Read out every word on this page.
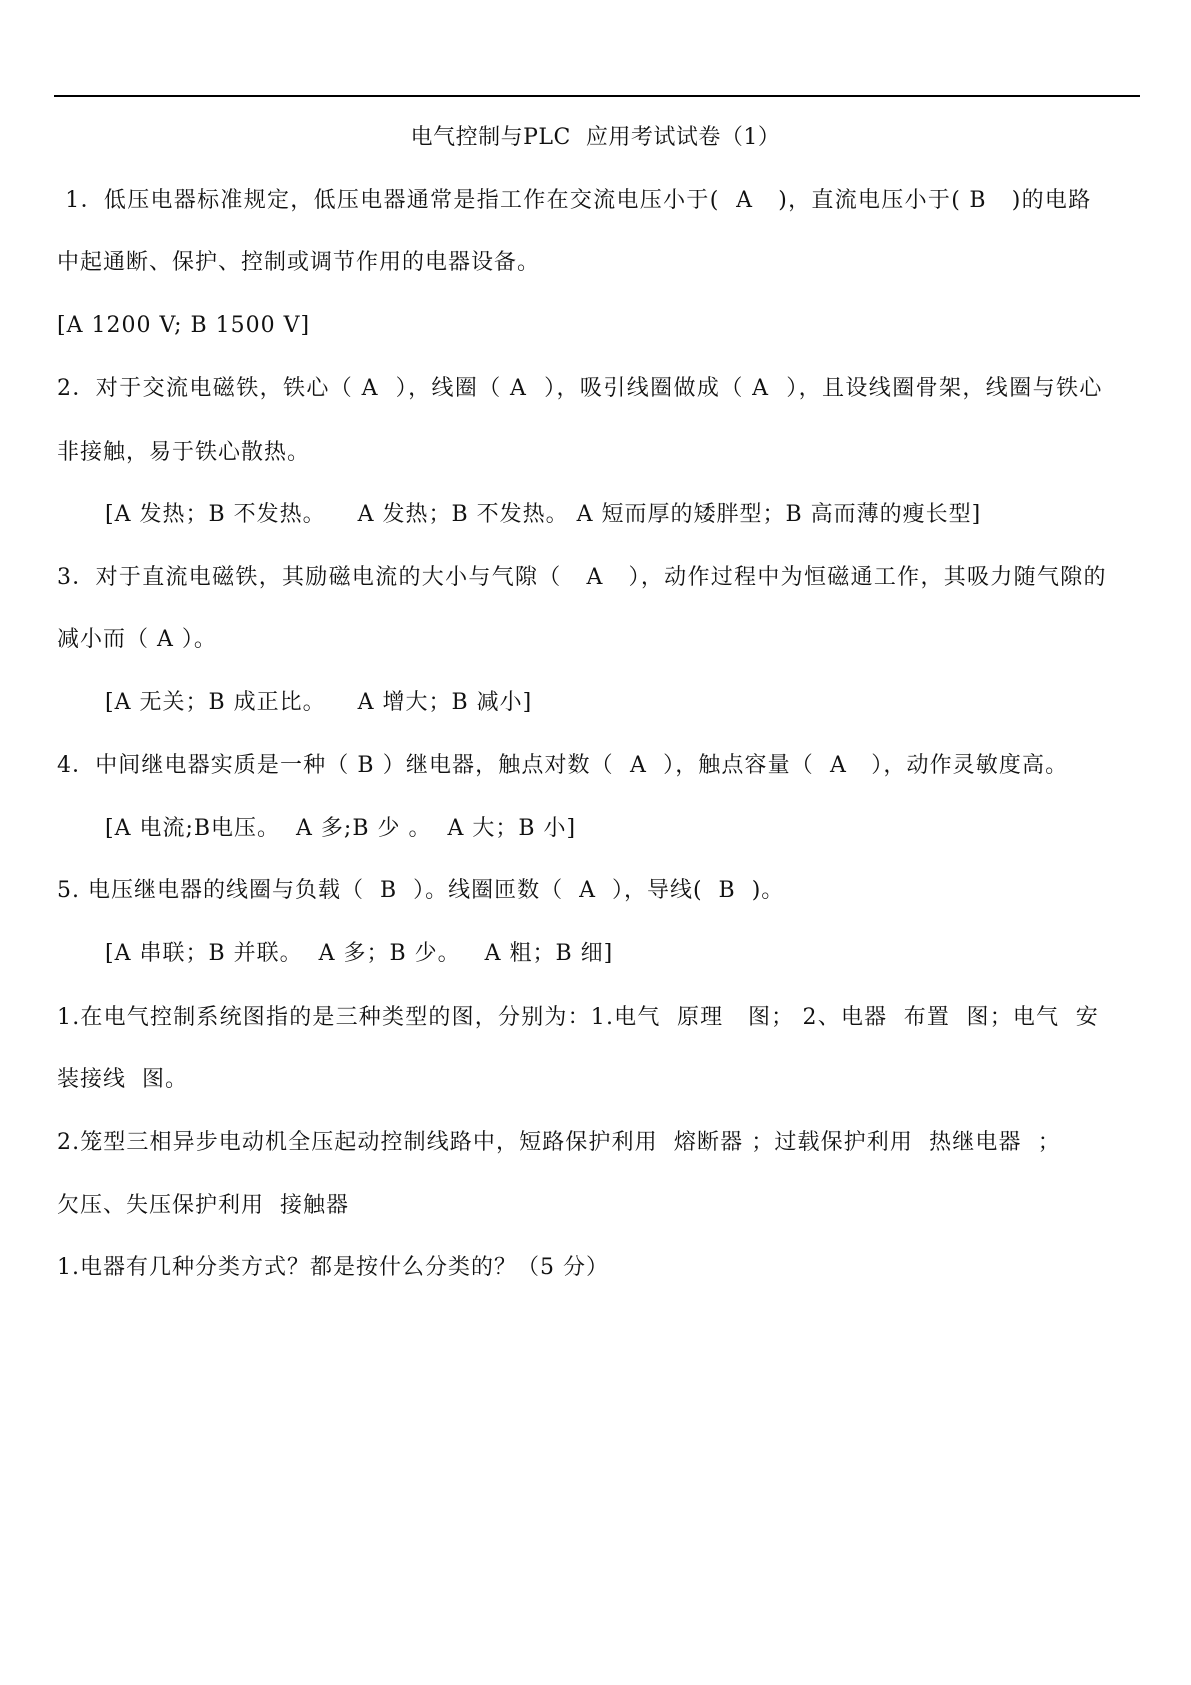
电气控制与PLC  应用考试试卷（1）
1．低压电器标准规定，低压电器通常是指工作在交流电压小于(  A   )，直流电压小于( B   )的电路
中起通断、保护、控制或调节作用的电器设备。
[A 1200 V; B 1500 V]
2．对于交流电磁铁，铁心（ A  ），线圈（ A  ），吸引线圈做成（ A  ），且设线圈骨架，线圈与铁心
非接触，易于铁心散热。
[A 发热；B 不发热。    A 发热；B 不发热。 A 短而厚的矮胖型；B 高而薄的瘦长型]
3．对于直流电磁铁，其励磁电流的大小与气隙（   A   ），动作过程中为恒磁通工作，其吸力随气隙的
减小而（ A ）。
[A 无关；B 成正比。    A 增大；B 减小]
4．中间继电器实质是一种（ B ）继电器，触点对数（  A  ），触点容量（  A   ），动作灵敏度高。
[A 电流;B电压。  A 多;B 少 。  A 大；B 小]
5. 电压继电器的线圈与负载（  B  ）。线圈匝数（  A  ），导线(  B  )。
[A 串联；B 并联。  A 多；B 少。   A 粗；B 细]
1.在电气控制系统图指的是三种类型的图，分别为：1.电气  原理   图； 2、电器  布置  图；电气  安
装接线  图。
2.笼型三相异步电动机全压起动控制线路中，短路保护利用  熔断器 ；过载保护利用  热继电器  ；
欠压、失压保护利用  接触器
1.电器有几种分类方式？都是按什么分类的？（5 分）
